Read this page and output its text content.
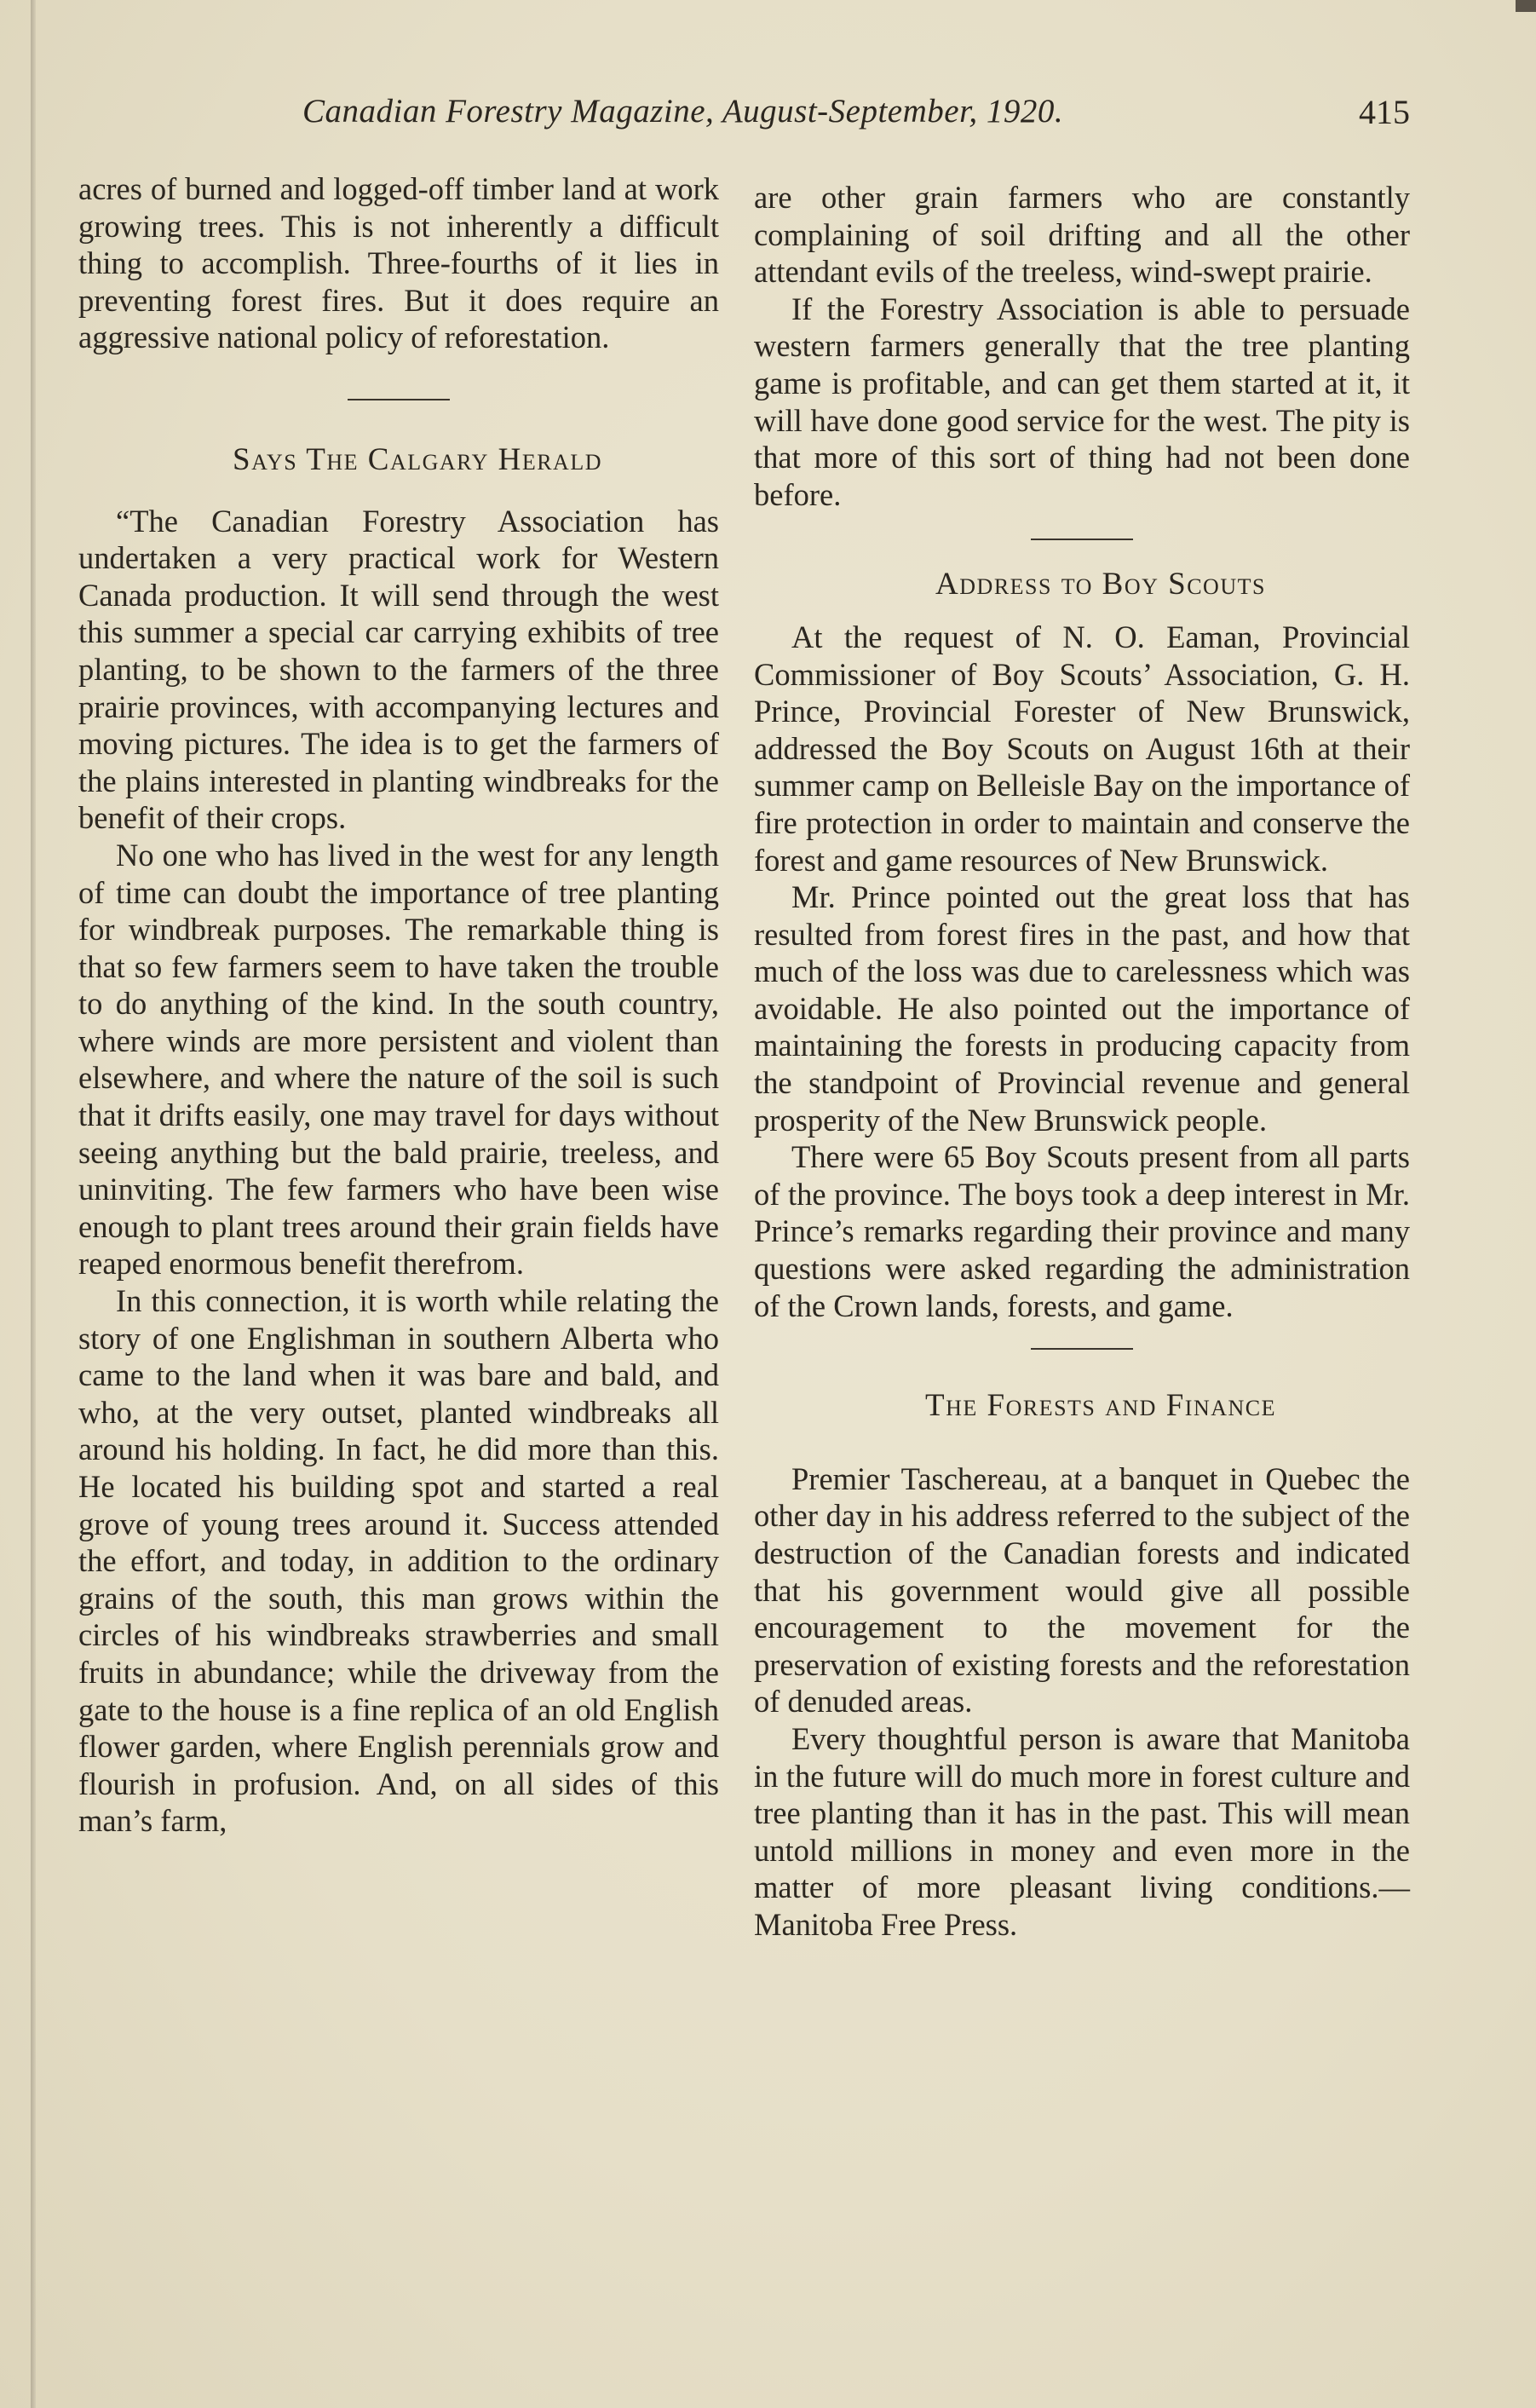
Canadian Forestry Magazine, August-September, 1920.	415

acres of burned and logged-off timber land at work growing trees. This is not inherently a difficult thing to accomplish. Three-fourths of it lies in preventing forest fires. But it does require an aggressive national policy of reforestation.

Says The Calgary Herald

“The Canadian Forestry Association has undertaken a very practical work for Western Canada production. It will send through the west this summer a special car carrying exhibits of tree planting, to be shown to the farmers of the three prairie provinces, with accompanying lectures and moving pictures. The idea is to get the farmers of the plains interested in planting windbreaks for the benefit of their crops.

No one who has lived in the west for any length of time can doubt the importance of tree planting for windbreak purposes. The remarkable thing is that so few farmers seem to have taken the trouble to do anything of the kind. In the south country, where winds are more persistent and violent than elsewhere, and where the nature of the soil is such that it drifts easily, one may travel for days without seeing anything but the bald prairie, treeless, and uninviting. The few farmers who have been wise enough to plant trees around their grain fields have reaped enormous benefit therefrom.

In this connection, it is worth while relating the story of one Englishman in southern Alberta who came to the land when it was bare and bald, and who, at the very outset, planted windbreaks all around his holding. In fact, he did more than this. He located his building spot and started a real grove of young trees around it. Success attended the effort, and today, in addition to the ordinary grains of the south, this man grows within the circles of his windbreaks strawberries and small fruits in abundance; while the driveway from the gate to the house is a fine replica of an old English flower garden, where English perennials grow and flourish in profusion. And, on all sides of this man’s farm,

are other grain farmers who are constantly complaining of soil drifting and all the other attendant evils of the treeless, wind-swept prairie.

If the Forestry Association is able to persuade western farmers generally that the tree planting game is profitable, and can get them started at it, it will have done good service for the west. The pity is that more of this sort of thing had not been done before.

Address to Boy Scouts

At the request of N. O. Eaman, Provincial Commissioner of Boy Scouts’ Association, G. H. Prince, Provincial Forester of New Brunswick, addressed the Boy Scouts on August 16th at their summer camp on Belleisle Bay on the importance of fire protection in order to maintain and conserve the forest and game resources of New Brunswick.

Mr. Prince pointed out the great loss that has resulted from forest fires in the past, and how that much of the loss was due to carelessness which was avoidable. He also pointed out the importance of maintaining the forests in producing capacity from the standpoint of Provincial revenue and general prosperity of the New Brunswick people.

There were 65 Boy Scouts present from all parts of the province. The boys took a deep interest in Mr. Prince’s remarks regarding their province and many questions were asked regarding the administration of the Crown lands, forests, and game.

The Forests and Finance

Premier Taschereau, at a banquet in Quebec the other day in his address referred to the subject of the destruction of the Canadian forests and indicated that his government would give all possible encouragement to the movement for the preservation of existing forests and the reforestation of denuded areas.

Every thoughtful person is aware that Manitoba in the future will do much more in forest culture and tree planting than it has in the past. This will mean untold millions in money and even more in the matter of more pleasant living conditions.—Manitoba Free Press.
